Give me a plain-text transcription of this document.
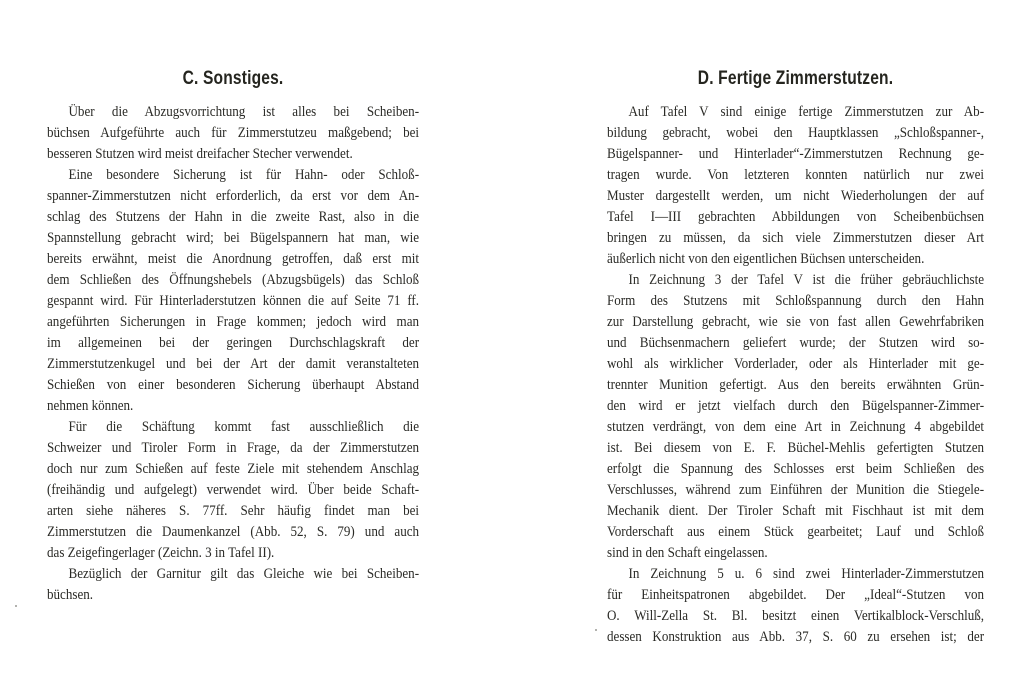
C. Sonstiges.
Über die Abzugsvorrichtung ist alles bei Scheiben-
büchsen Aufgeführte auch für Zimmerstutzeu maßgebend; bei
besseren Stutzen wird meist dreifacher Stecher verwendet.
Eine besondere Sicherung ist für Hahn- oder Schloß-
spanner-Zimmerstutzen nicht erforderlich, da erst vor dem An-
schlag des Stutzens der Hahn in die zweite Rast, also in die
Spannstellung gebracht wird; bei Bügelspannern hat man, wie
bereits erwähnt, meist die Anordnung getroffen, daß erst mit
dem Schließen des Öffnungshebels (Abzugsbügels) das Schloß
gespannt wird. Für Hinterladerstutzen können die auf Seite 71 ff.
angeführten Sicherungen in Frage kommen; jedoch wird man
im allgemeinen bei der geringen Durchschlagskraft der
Zimmerstutzenkugel und bei der Art der damit veranstalteten
Schießen von einer besonderen Sicherung überhaupt Abstand
nehmen können.
Für die Schäftung kommt fast ausschließlich die
Schweizer und Tiroler Form in Frage, da der Zimmerstutzen
doch nur zum Schießen auf feste Ziele mit stehendem Anschlag
(freihändig und aufgelegt) verwendet wird. Über beide Schaft-
arten siehe näheres S. 77ff. Sehr häufig findet man bei
Zimmerstutzen die Daumenkanzel (Abb. 52, S. 79) und auch
das Zeigefingerlager (Zeichn. 3 in Tafel II).
Bezüglich der Garnitur gilt das Gleiche wie bei Scheiben-
büchsen.
D. Fertige Zimmerstutzen.
Auf Tafel V sind einige fertige Zimmerstutzen zur Ab-
bildung gebracht, wobei den Hauptklassen „Schloßspanner-,
Bügelspanner- und Hinterlader“-Zimmerstutzen Rechnung ge-
tragen wurde. Von letzteren konnten natürlich nur zwei
Muster dargestellt werden, um nicht Wiederholungen der auf
Tafel I—III gebrachten Abbildungen von Scheibenbüchsen
bringen zu müssen, da sich viele Zimmerstutzen dieser Art
äußerlich nicht von den eigentlichen Büchsen unterscheiden.
In Zeichnung 3 der Tafel V ist die früher gebräuchlichste
Form des Stutzens mit Schloßspannung durch den Hahn
zur Darstellung gebracht, wie sie von fast allen Gewehrfabriken
und Büchsenmachern geliefert wurde; der Stutzen wird so-
wohl als wirklicher Vorderlader, oder als Hinterlader mit ge-
trennter Munition gefertigt. Aus den bereits erwähnten Grün-
den wird er jetzt vielfach durch den Bügelspanner-Zimmer-
stutzen verdrängt, von dem eine Art in Zeichnung 4 abgebildet
ist. Bei diesem von E. F. Büchel-Mehlis gefertigten Stutzen
erfolgt die Spannung des Schlosses erst beim Schließen des
Verschlusses, während zum Einführen der Munition die Stiegele-
Mechanik dient. Der Tiroler Schaft mit Fischhaut ist mit dem
Vorderschaft aus einem Stück gearbeitet; Lauf und Schloß
sind in den Schaft eingelassen.
In Zeichnung 5 u. 6 sind zwei Hinterlader-Zimmerstutzen
für Einheitspatronen abgebildet. Der „Ideal“-Stutzen von
O. Will-Zella St. Bl. besitzt einen Vertikalblock-Verschluß,
dessen Konstruktion aus Abb. 37, S. 60 zu ersehen ist; der
